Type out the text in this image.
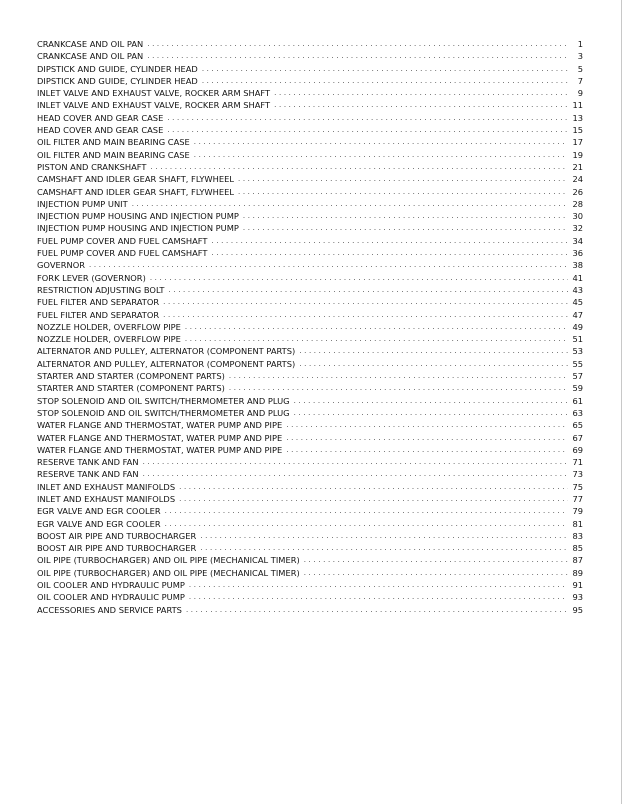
CRANKCASE AND OIL PAN . . .	1
CRANKCASE AND OIL PAN . . .	3
DIPSTICK AND GUIDE, CYLINDER HEAD . . .	5
DIPSTICK AND GUIDE, CYLINDER HEAD . . .	7
INLET VALVE AND EXHAUST VALVE, ROCKER ARM SHAFT . . .	9
INLET VALVE AND EXHAUST VALVE, ROCKER ARM SHAFT . . .	11
HEAD COVER AND GEAR CASE . . .	13
HEAD COVER AND GEAR CASE . . .	15
OIL FILTER AND MAIN BEARING CASE . . .	17
OIL FILTER AND MAIN BEARING CASE . . .	19
PISTON AND CRANKSHAFT . . .	21
CAMSHAFT AND IDLER GEAR SHAFT, FLYWHEEL . . .	24
CAMSHAFT AND IDLER GEAR SHAFT, FLYWHEEL . . .	26
INJECTION PUMP UNIT . . .	28
INJECTION PUMP HOUSING AND INJECTION PUMP . . .	30
INJECTION PUMP HOUSING AND INJECTION PUMP . . .	32
FUEL PUMP COVER AND FUEL CAMSHAFT . . .	34
FUEL PUMP COVER AND FUEL CAMSHAFT . . .	36
GOVERNOR . . .	38
FORK LEVER (GOVERNOR) . . .	41
RESTRICTION ADJUSTING BOLT . . .	43
FUEL FILTER AND SEPARATOR . . .	45
FUEL FILTER AND SEPARATOR . . .	47
NOZZLE HOLDER, OVERFLOW PIPE . . .	49
NOZZLE HOLDER, OVERFLOW PIPE . . .	51
ALTERNATOR AND PULLEY, ALTERNATOR (COMPONENT PARTS) . . .	53
ALTERNATOR AND PULLEY, ALTERNATOR (COMPONENT PARTS) . . .	55
STARTER AND STARTER (COMPONENT PARTS) . . .	57
STARTER AND STARTER (COMPONENT PARTS) . . .	59
STOP SOLENOID AND OIL SWITCH/THERMOMETER AND PLUG . . .	61
STOP SOLENOID AND OIL SWITCH/THERMOMETER AND PLUG . . .	63
WATER FLANGE AND THERMOSTAT, WATER PUMP AND PIPE . . .	65
WATER FLANGE AND THERMOSTAT, WATER PUMP AND PIPE . . .	67
WATER FLANGE AND THERMOSTAT, WATER PUMP AND PIPE . . .	69
RESERVE TANK AND FAN . . .	71
RESERVE TANK AND FAN . . .	73
INLET AND EXHAUST MANIFOLDS . . .	75
INLET AND EXHAUST MANIFOLDS . . .	77
EGR VALVE AND EGR COOLER . . .	79
EGR VALVE AND EGR COOLER . . .	81
BOOST AIR PIPE AND TURBOCHARGER . . .	83
BOOST AIR PIPE AND TURBOCHARGER . . .	85
OIL PIPE (TURBOCHARGER) AND OIL PIPE (MECHANICAL TIMER) . . .	87
OIL PIPE (TURBOCHARGER) AND OIL PIPE (MECHANICAL TIMER) . . .	89
OIL COOLER AND HYDRAULIC PUMP . . .	91
OIL COOLER AND HYDRAULIC PUMP . . .	93
ACCESSORIES AND SERVICE PARTS . . .	95
